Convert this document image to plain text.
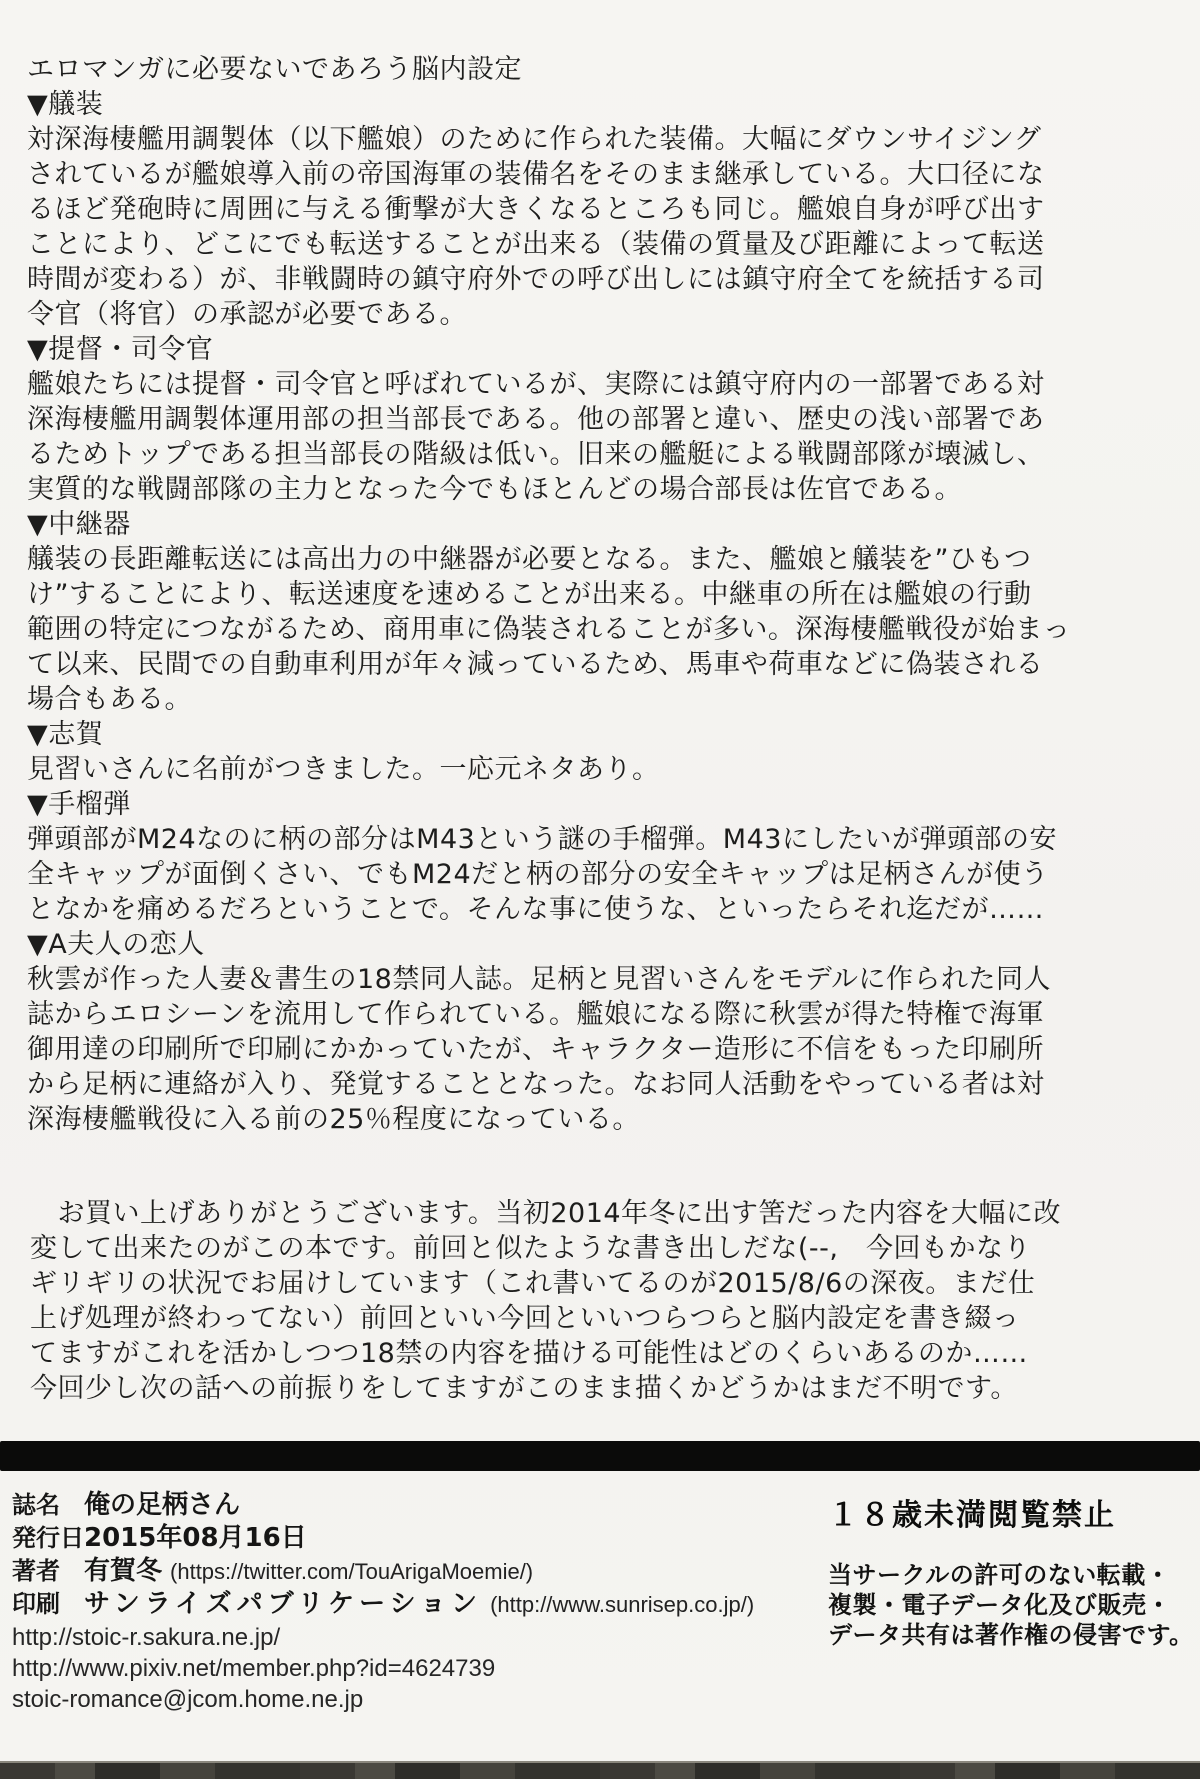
エロマンガに必要ないであろう脳内設定
▼艤装
対深海棲艦用調製体（以下艦娘）のために作られた装備。大幅にダウンサイジング
されているが艦娘導入前の帝国海軍の装備名をそのまま継承している。大口径にな
るほど発砲時に周囲に与える衝撃が大きくなるところも同じ。艦娘自身が呼び出す
ことにより、どこにでも転送することが出来る（装備の質量及び距離によって転送
時間が変わる）が、非戦闘時の鎮守府外での呼び出しには鎮守府全てを統括する司
令官（将官）の承認が必要である。
▼提督・司令官
艦娘たちには提督・司令官と呼ばれているが、実際には鎮守府内の一部署である対
深海棲艦用調製体運用部の担当部長である。他の部署と違い、歴史の浅い部署であ
るためトップである担当部長の階級は低い。旧来の艦艇による戦闘部隊が壊滅し、
実質的な戦闘部隊の主力となった今でもほとんどの場合部長は佐官である。
▼中継器
艤装の長距離転送には高出力の中継器が必要となる。また、艦娘と艤装を”ひもつ
け”することにより、転送速度を速めることが出来る。中継車の所在は艦娘の行動
範囲の特定につながるため、商用車に偽装されることが多い。深海棲艦戦役が始まっ
て以来、民間での自動車利用が年々減っているため、馬車や荷車などに偽装される
場合もある。
▼志賀
見習いさんに名前がつきました。一応元ネタあり。
▼手榴弾
弾頭部がM24なのに柄の部分はM43という謎の手榴弾。M43にしたいが弾頭部の安
全キャップが面倒くさい、でもM24だと柄の部分の安全キャップは足柄さんが使う
となかを痛めるだろということで。そんな事に使うな、といったらそれ迄だが……
▼A夫人の恋人
秋雲が作った人妻＆書生の18禁同人誌。足柄と見習いさんをモデルに作られた同人
誌からエロシーンを流用して作られている。艦娘になる際に秋雲が得た特権で海軍
御用達の印刷所で印刷にかかっていたが、キャラクター造形に不信をもった印刷所
から足柄に連絡が入り、発覚することとなった。なお同人活動をやっている者は対
深海棲艦戦役に入る前の25％程度になっている。
　お買い上げありがとうございます。当初2014年冬に出す筈だった内容を大幅に改
変して出来たのがこの本です。前回と似たような書き出しだな(--,　今回もかなり
ギリギリの状況でお届けしています（これ書いてるのが2015/8/6の深夜。まだ仕
上げ処理が終わってない）前回といい今回といいつらつらと脳内設定を書き綴っ
てますがこれを活かしつつ18禁の内容を描ける可能性はどのくらいあるのか……
今回少し次の話への前振りをしてますがこのまま描くかどうかはまだ不明です。
誌名 俺の足柄さん
発行日 2015年08月16日
著者 有賀冬 (https://twitter.com/TouArigaMoemie/)
印刷 サンライズパブリケーション (http://www.sunrisep.co.jp/)
http://stoic-r.sakura.ne.jp/
http://www.pixiv.net/member.php?id=4624739
stoic-romance@jcom.home.ne.jp
１８歳未満閲覧禁止
当サークルの許可のない転載・
複製・電子データ化及び販売・
データ共有は著作権の侵害です。
